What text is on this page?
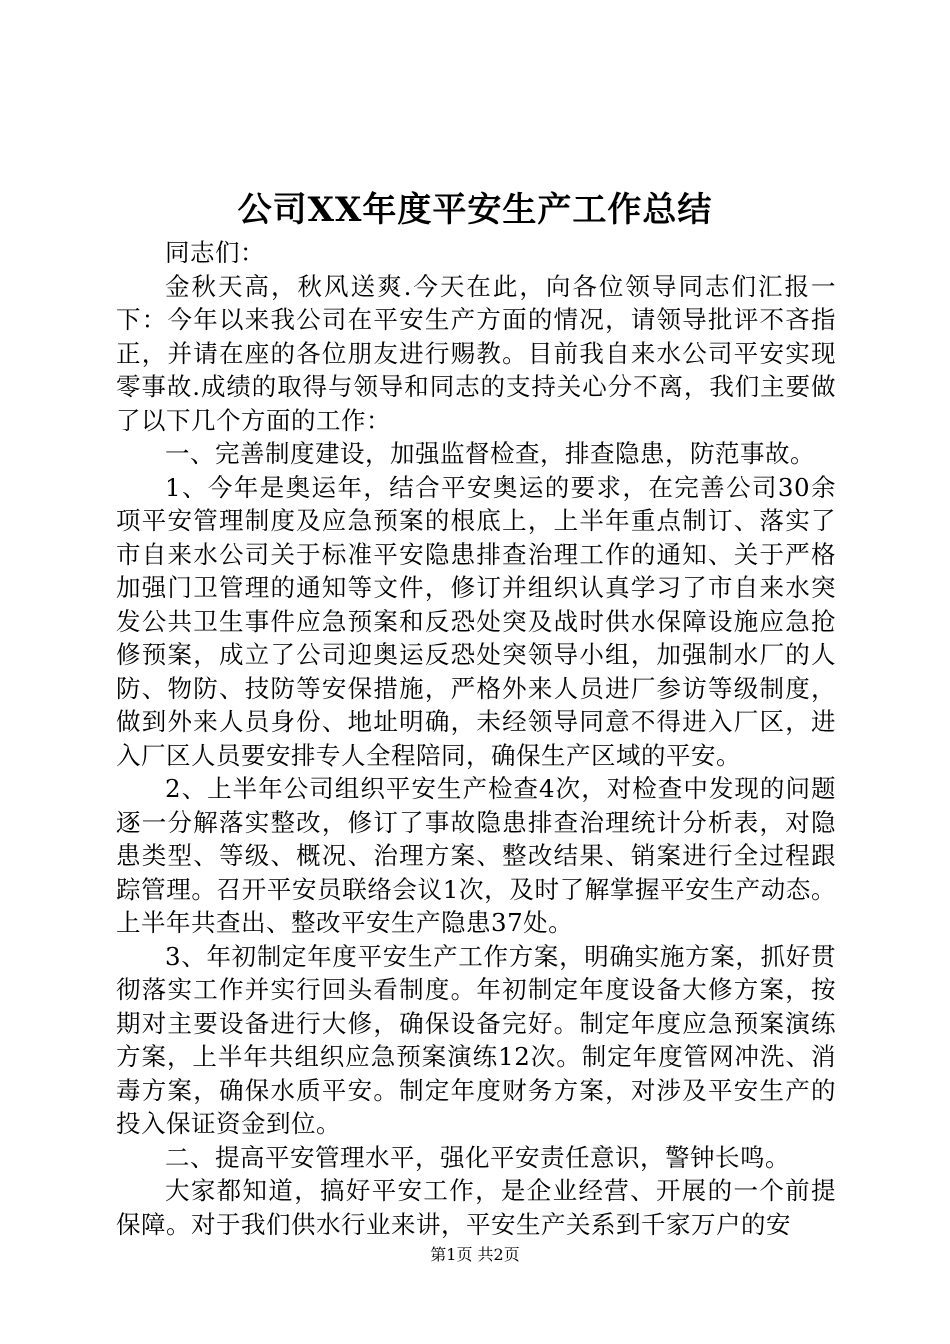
公司XX年度平安生产工作总结

同志们：

金秋天高，秋风送爽.今天在此，向各位领导同志们汇报一下：今年以来我公司在平安生产方面的情况，请领导批评不吝指正，并请在座的各位朋友进行赐教。目前我自来水公司平安实现零事故.成绩的取得与领导和同志的支持关心分不离，我们主要做了以下几个方面的工作：

一、完善制度建设，加强监督检查，排查隐患，防范事故。

1、今年是奥运年，结合平安奥运的要求，在完善公司30余项平安管理制度及应急预案的根底上，上半年重点制订、落实了市自来水公司关于标准平安隐患排查治理工作的通知、关于严格加强门卫管理的通知等文件，修订并组织认真学习了市自来水突发公共卫生事件应急预案和反恐处突及战时供水保障设施应急抢修预案，成立了公司迎奥运反恐处突领导小组，加强制水厂的人防、物防、技防等安保措施，严格外来人员进厂参访等级制度，做到外来人员身份、地址明确，未经领导同意不得进入厂区，进入厂区人员要安排专人全程陪同，确保生产区域的平安。

2、上半年公司组织平安生产检查4次，对检查中发现的问题逐一分解落实整改，修订了事故隐患排查治理统计分析表，对隐患类型、等级、概况、治理方案、整改结果、销案进行全过程跟踪管理。召开平安员联络会议1次，及时了解掌握平安生产动态。上半年共查出、整改平安生产隐患37处。

3、年初制定年度平安生产工作方案，明确实施方案，抓好贯彻落实工作并实行回头看制度。年初制定年度设备大修方案，按期对主要设备进行大修，确保设备完好。制定年度应急预案演练方案，上半年共组织应急预案演练12次。制定年度管网冲洗、消毒方案，确保水质平安。制定年度财务方案，对涉及平安生产的投入保证资金到位。

二、提高平安管理水平，强化平安责任意识，警钟长鸣。

大家都知道，搞好平安工作，是企业经营、开展的一个前提保障。对于我们供水行业来讲，平安生产关系到千家万户的安

第1页 共2页
